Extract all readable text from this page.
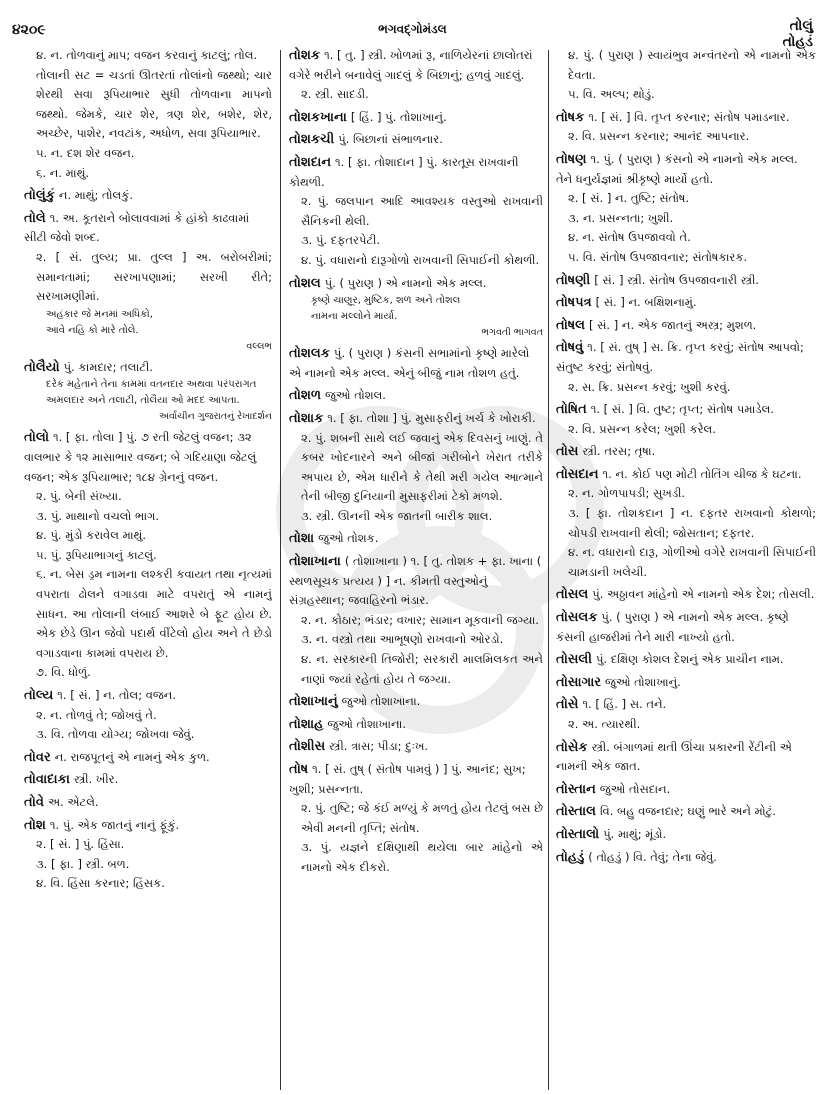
૪૨૦૯	ભગવદ્ગોમંડલ	તોલું
તોહડં
૪. ન. તોળવાનું માપ; વજન કરવાનું કાટલું; તોલ.
તોલાની સટ = ચડતાં ઊતરતાં તોલાંનો જથ્થો; ચાર શેરથી સવા રૂપિયાભાર સુધી તોળવાના માપનો જથ્થો. જેમકે, ચાર શેર, ત્રણ શેર, બશેર, શેર, અચ્છેર, પાશેર, નવટાંક, અધોળ, સવા રૂપિયાભાર.
૫. ન. દશ શેર વજન.
૬. ન. માથું.
તોલુંકું ન. માથું; તોલકું.
તોલે ૧. અ. કૂતરાને બોલાવવામાં કે હાંકો કાઢવામાં સીટી જેવો શબ્દ.
૨. [ સં. તુલ્ય; પ્રા. તુલ્લ ] અ. બરોબરીમાં; સમાનતામાં; સરખાપણામાં; સરખી રીતે; સરખામણીમાં.
અહંકાર જે મનમાં અધિકો,
આવે નહિ કો મારે તોલે.
વલ્લભ
તોલૈયો પું. કામદાર; તલાટી.
દરેક મહેતાને તેના કામમાં વતનદાર અથવા પરંપરાગત અમલદાર અને તલાટી, તોલૈયા ઓ મદદ આપતા.
અર્વાચીન ગુજરાતનું રેખાદર્શન
તોલો ૧. [ ફા. તોલા ] પું. ૭ રતી જેટલું વજન; ૩૨ વાલભાર કે ૧૨ માસાભાર વજન; બે ગદિયાણા જેટલું વજન; એક રૂપિયાભાર; ૧૮૪ ગ્રેનનું વજન.
૨. પું. બેની સંખ્યા.
૩. પું. માથાનો વચલો ભાગ.
૪. પું. મુંડો કરાવેલ માથું.
૫. પું. રૂપિયાભાગનું કાટલું.
૬. ન. બેસ ડ્રમ નામના લશ્કરી કવાયત તથા નૃત્યમાં વપરાતા ઢોલને વગાડવા માટે વપરાતું એ નામનું સાધન. આ તોલાની લંબાઈ આશરે બે ફૂટ હોય છે. એક છેડે ઊન જેવો પદાર્થ વીંટેલો હોય અને તે છેડો વગાડવાના કામમાં વપરાય છે.
૭. વિ. ધોળું.
તોલ્ય ૧. [ સં. ] ન. તોલ; વજન.
૨. ન. તોળવું તે; જોખવું તે.
૩. વિ. તોળવા યોગ્ય; જોખવા જેવું.
તોવર ન. રાજપૂતનું એ નામનું એક કુળ.
તોવાદાકા સ્ત્રી. ખીર.
તોવે અ. એટલે.
તોશ ૧. પું. એક જાતનું નાનું ફૂંકું.
૨. [ સં. ] પું. હિંસા.
૩. [ ફા. ] સ્ત્રી. બળ.
૪. વિ. હિંસા કરનાર; હિંસક.
તોશક ૧. [ તુ. ] સ્ત્રી. ખોળમાં રૂ, નાળિયેરનાં છાલોતરાં વગેરે ભરીને બનાવેલું ગાદલું કે બિછાનું; હળવું ગાદલું.
૨. સ્ત્રી. સાદડી.
તોશકખાના [ હિં. ] પું. તોશાખાનું.
તોશકચી પું. બિછાનાં સંભાળનાર.
તોશદાન ૧. [ ફા. તોશાદાન ] પું. કારતૂસ રાખવાની કોથળી.
૨. પું. જલપાન આદિ આવશ્યક વસ્તુઓ રાખવાની સૈનિકની થેલી.
૩. પું. દફતરપેટી.
૪. પું. વધારાનો દારૂગોળો રાખવાની સિપાઈની કોથળી.
તોશલ પું. ( પુરાણ ) એ નામનો એક મલ્લ.
કૃષ્ણે ચાણૂર, મુષ્ટિક, શળ અને તોશલ
નામના મલ્લોને માર્યા.
ભગવતી ભાગવત
તોશલક પું. ( પુરાણ ) કંસની સભામાંનો કૃષ્ણે મારેલો એ નામનો એક મલ્લ. એનું બીજું નામ તોશળ હતું.
તોશળ જુઓ તોશલ.
તોશાક ૧. [ ફા. તોશા ] પું. મુસાફરીનું ખર્ચ કે ખોરાકી.
૨. પું. શબની સાથે લઈ જવાનું એક દિવસનું ખાણું. તે કબર ખોદનારને અને બીજાં ગરીબોને ખેરાત તરીકે અપાય છે, એમ ધારીને કે તેથી મરી ગયેલ આત્માને તેની બીજી દુનિયાની મુસાફરીમાં ટેકો મળશે.
૩. સ્ત્રી. ઊનની એક જાતની બારીક શાલ.
તોશા જુઓ તોશક.
તોશાખાના ( તોશાખાના ) ૧. [ તુ. તોશક + ફા. ખાના ( સ્થળસૂચક પ્રત્યય ) ] ન. કીમતી વસ્તુઓનું સંગ્રહસ્થાન; જવાહિરનો ભંડાર.
૨. ન. કોઠાર; ભંડાર; વખાર; સામાન મૂકવાની જગ્યા.
૩. ન. વસ્ત્રો તથા આભૂષણો રાખવાનો ઓરડો.
૪. ન. સરકારની તિજોરી; સરકારી માલમિલકત અને નાણાં જ્યાં રહેતાં હોય તે જગ્યા.
તોશાખાનું જુઓ તોશાખાના.
તોશાહ જુઓ તોશાખાના.
તોશીસ સ્ત્રી. ત્રાસ; પીડા; દુઃખ.
તોષ ૧. [ સં. તુષ્ ( સંતોષ પામવું ) ] પું. આનંદ; સુખ; ખુશી; પ્રસન્નતા.
૨. પું. તુષ્ટિ; જે કંઈ મળ્યું કે મળતું હોય તેટલું બસ છે એવી મનની તૃપ્તિ; સંતોષ.
૩. પું. યજ્ઞને દક્ષિણાથી થયેલા બાર માંહેનો એ નામનો એક દીકરો.
૪. પું. ( પુરાણ ) સ્વાયંભુવ મન્વંતરનો એ નામનો એક દેવતા.
૫. વિ. અલ્પ; થોડું.
તોષક ૧. [ સં. ] વિ. તૃપ્ત કરનાર; સંતોષ પમાડનાર.
૨. વિ. પ્રસન્ન કરનાર; આનંદ આપનાર.
તોષણ ૧. પું. ( પુરાણ ) કંસનો એ નામનો એક મલ્લ. તેને ધનુર્યજ્ઞમાં શ્રીકૃષ્ણે માર્યો હતો.
૨. [ સં. ] ન. તુષ્ટિ; સંતોષ.
૩. ન. પ્રસન્નતા; ખુશી.
૪. ન. સંતોષ ઉપજાવવો તે.
૫. વિ. સંતોષ ઉપજાવનાર; સંતોષકારક.
તોષણી [ સં. ] સ્ત્રી. સંતોષ ઉપજાવનારી સ્ત્રી.
તોષપત્ર [ સં. ] ન. બક્ષિશનામું.
તોષલ [ સં. ] ન. એક જાતનું અસ્ત્ર; મુશળ.
તોષવું ૧. [ સં. તુષ્ ] સ. ક્રિ. તૃપ્ત કરવું; સંતોષ આપવો; સંતુષ્ટ કરવું; સંતોષવું.
૨. સ. ક્રિ. પ્રસન્ન કરવું; ખુશી કરવું.
તોષિત ૧. [ સં. ] વિ. તુષ્ટ; તૃપ્ત; સંતોષ પમાડેલ.
૨. વિ. પ્રસન્ન કરેલ; ખુશી કરેલ.
તોસ સ્ત્રી. તરસ; તૃષા.
તોસદાન ૧. ન. કોઈ પણ મોટી તોતિંગ ચીજ કે ઘટના.
૨. ન. ગોળપાપડી; સુખડી.
૩. [ ફા. તોશકદાન ] ન. દફતર રાખવાનો કોથળો; ચોપડી રાખવાની થેલી; જોસતાન; દફતર.
૪. ન. વધારાનો દારૂ, ગોળીઓ વગેરે રાખવાની સિપાઈની ચામડાની ખલેચી.
તોસલ પું. અઠ્ઠાવન માંહેનો એ નામનો એક દેશ; તોસલી.
તોસલક પું. ( પુરાણ ) એ નામનો એક મલ્લ. કૃષ્ણે કંસની હાજરીમાં તેને મારી નાખ્યો હતો.
તોસલી પું. દક્ષિણ કોશલ દેશનું એક પ્રાચીન નામ.
તોસાગાર જુઓ તોશાખાનું.
તોસે ૧. [ હિં. ] સ. તને.
૨. અ. ત્યારથી.
તોસેક સ્ત્રી. બંગાળમાં થતી ઊંચા પ્રકારની રેંટીની એ નામની એક જાત.
તોસ્તાન જુઓ તોસદાન.
તોસ્તાલ વિ. બહુ વજનદાર; ઘણું ભારે અને મોટું.
તોસ્તાલો પું. માથું; મૂંડો.
તોહડું ( તોહડું ) વિ. તેવું; તેના જેવું.
